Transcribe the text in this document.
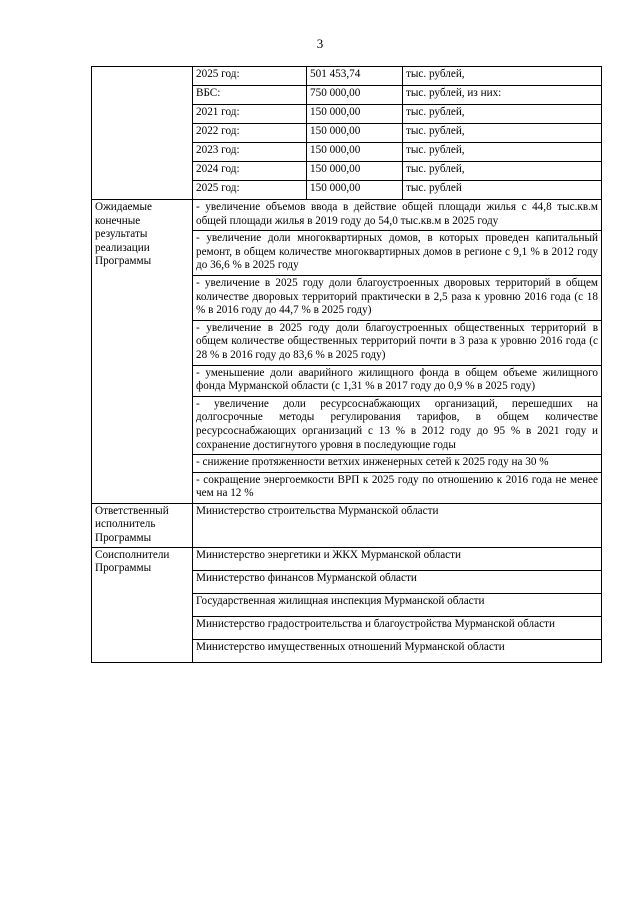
3
	2025 год:	501 453,74	тыс. рублей,
	ВБС:	750 000,00	тыс. рублей, из них:
	2021 год:	150 000,00	тыс. рублей,
	2022 год:	150 000,00	тыс. рублей,
	2023 год:	150 000,00	тыс. рублей,
	2024 год:	150 000,00	тыс. рублей,
	2025 год:	150 000,00	тыс. рублей
Ожидаемые конечные результаты реализации Программы	- увеличение объемов ввода в действие общей площади жилья с 44,8 тыс.кв.м общей площади жилья в 2019 году до 54,0 тыс.кв.м в 2025 году		
	- увеличение доли многоквартирных домов, в которых проведен капитальный ремонт, в общем количестве многоквартирных домов в регионе с 9,1 % в 2012 году до 36,6 % в 2025 году		
	- увеличение в 2025 году доли благоустроенных дворовых территорий в общем количестве дворовых территорий практически в 2,5 раза к уровню 2016 года (с 18 % в 2016 году до 44,7 % в 2025 году)		
	- увеличение в 2025 году доли благоустроенных общественных территорий в общем количестве общественных территорий почти в 3 раза к уровню 2016 года (с 28 % в 2016 году до 83,6 % в 2025 году)		
	- уменьшение доли аварийного жилищного фонда в общем объеме жилищного фонда Мурманской области (с 1,31 % в 2017 году до 0,9 % в 2025 году)		
	- увеличение доли ресурсоснабжающих организаций, перешедших на долгосрочные методы регулирования тарифов, в общем количестве ресурсоснабжающих организаций с 13 % в 2012 году до 95 % в 2021 году и сохранение достигнутого уровня в последующие годы		
	- снижение протяженности ветхих инженерных сетей к 2025 году на 30 %		
	- сокращение энергоемкости ВРП к 2025 году по отношению к 2016 года не менее чем на 12 %		
Ответственный исполнитель Программы	Министерство строительства Мурманской области		
Соисполнители Программы	Министерство энергетики и ЖКХ Мурманской области		
	Министерство финансов Мурманской области		
	Государственная жилищная инспекция Мурманской области		
	Министерство градостроительства и благоустройства Мурманской области		
	Министерство имущественных отношений Мурманской области		
